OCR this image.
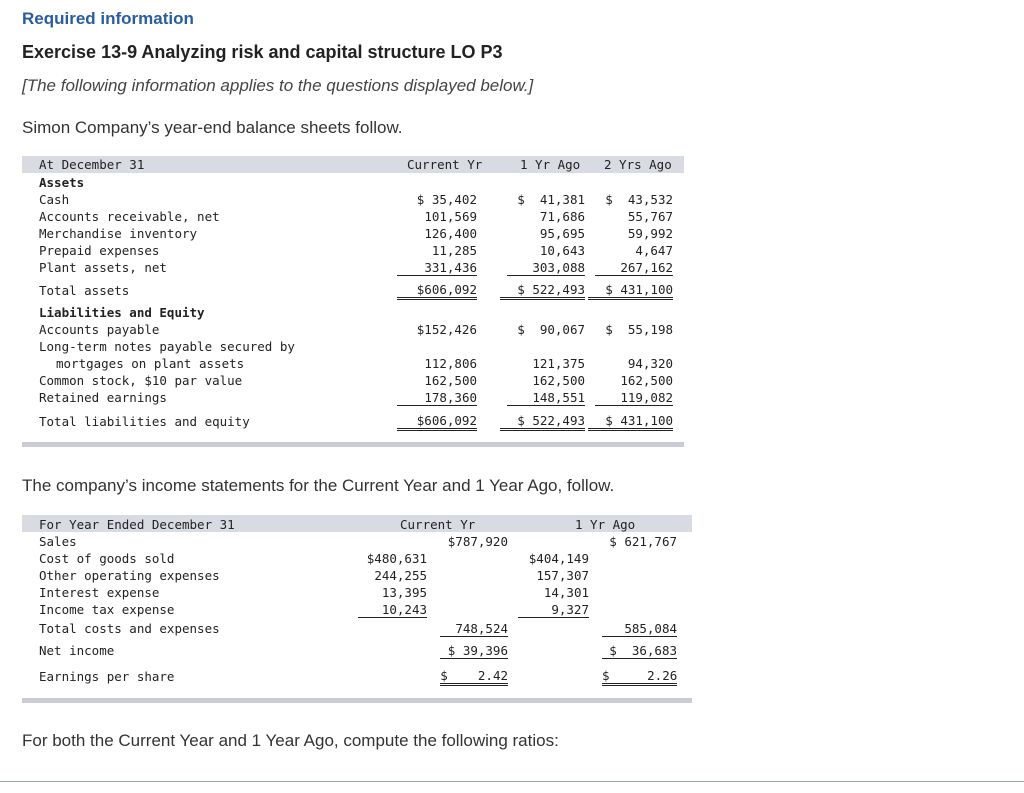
Required information
Exercise 13-9 Analyzing risk and capital structure LO P3
[The following information applies to the questions displayed below.]
Simon Company’s year-end balance sheets follow.
At December 31	Current Yr	1 Yr Ago 2 Yrs Ago
Assets
Cash	$ 35,402	$  41,381	$  43,532
Accounts receivable, net	101,569	71,686	55,767
Merchandise inventory	126,400	95,695	59,992
Prepaid expenses	11,285	10,643	4,647
Plant assets, net	331,436	303,088	267,162
Total assets	$606,092	$ 522,493	$ 431,100
Liabilities and Equity
Accounts payable	$152,426	$  90,067	$  55,198
Long-term notes payable secured by
mortgages on plant assets	112,806	121,375	94,320
Common stock, $10 par value	162,500	162,500	162,500
Retained earnings	178,360	148,551	119,082
Total liabilities and equity	$606,092	$ 522,493	$ 431,100
The company’s income statements for the Current Year and 1 Year Ago, follow.
For Year Ended December 31	Current Yr	1 Yr Ago
Sales	$787,920	$ 621,767
Cost of goods sold	$480,631	$404,149
Other operating expenses	244,255	157,307
Interest expense	13,395	14,301
Income tax expense	10,243	9,327
Total costs and expenses	748,524	585,084
Net income	$ 39,396	$  36,683
Earnings per share	$    2.42	$     2.26
For both the Current Year and 1 Year Ago, compute the following ratios:
